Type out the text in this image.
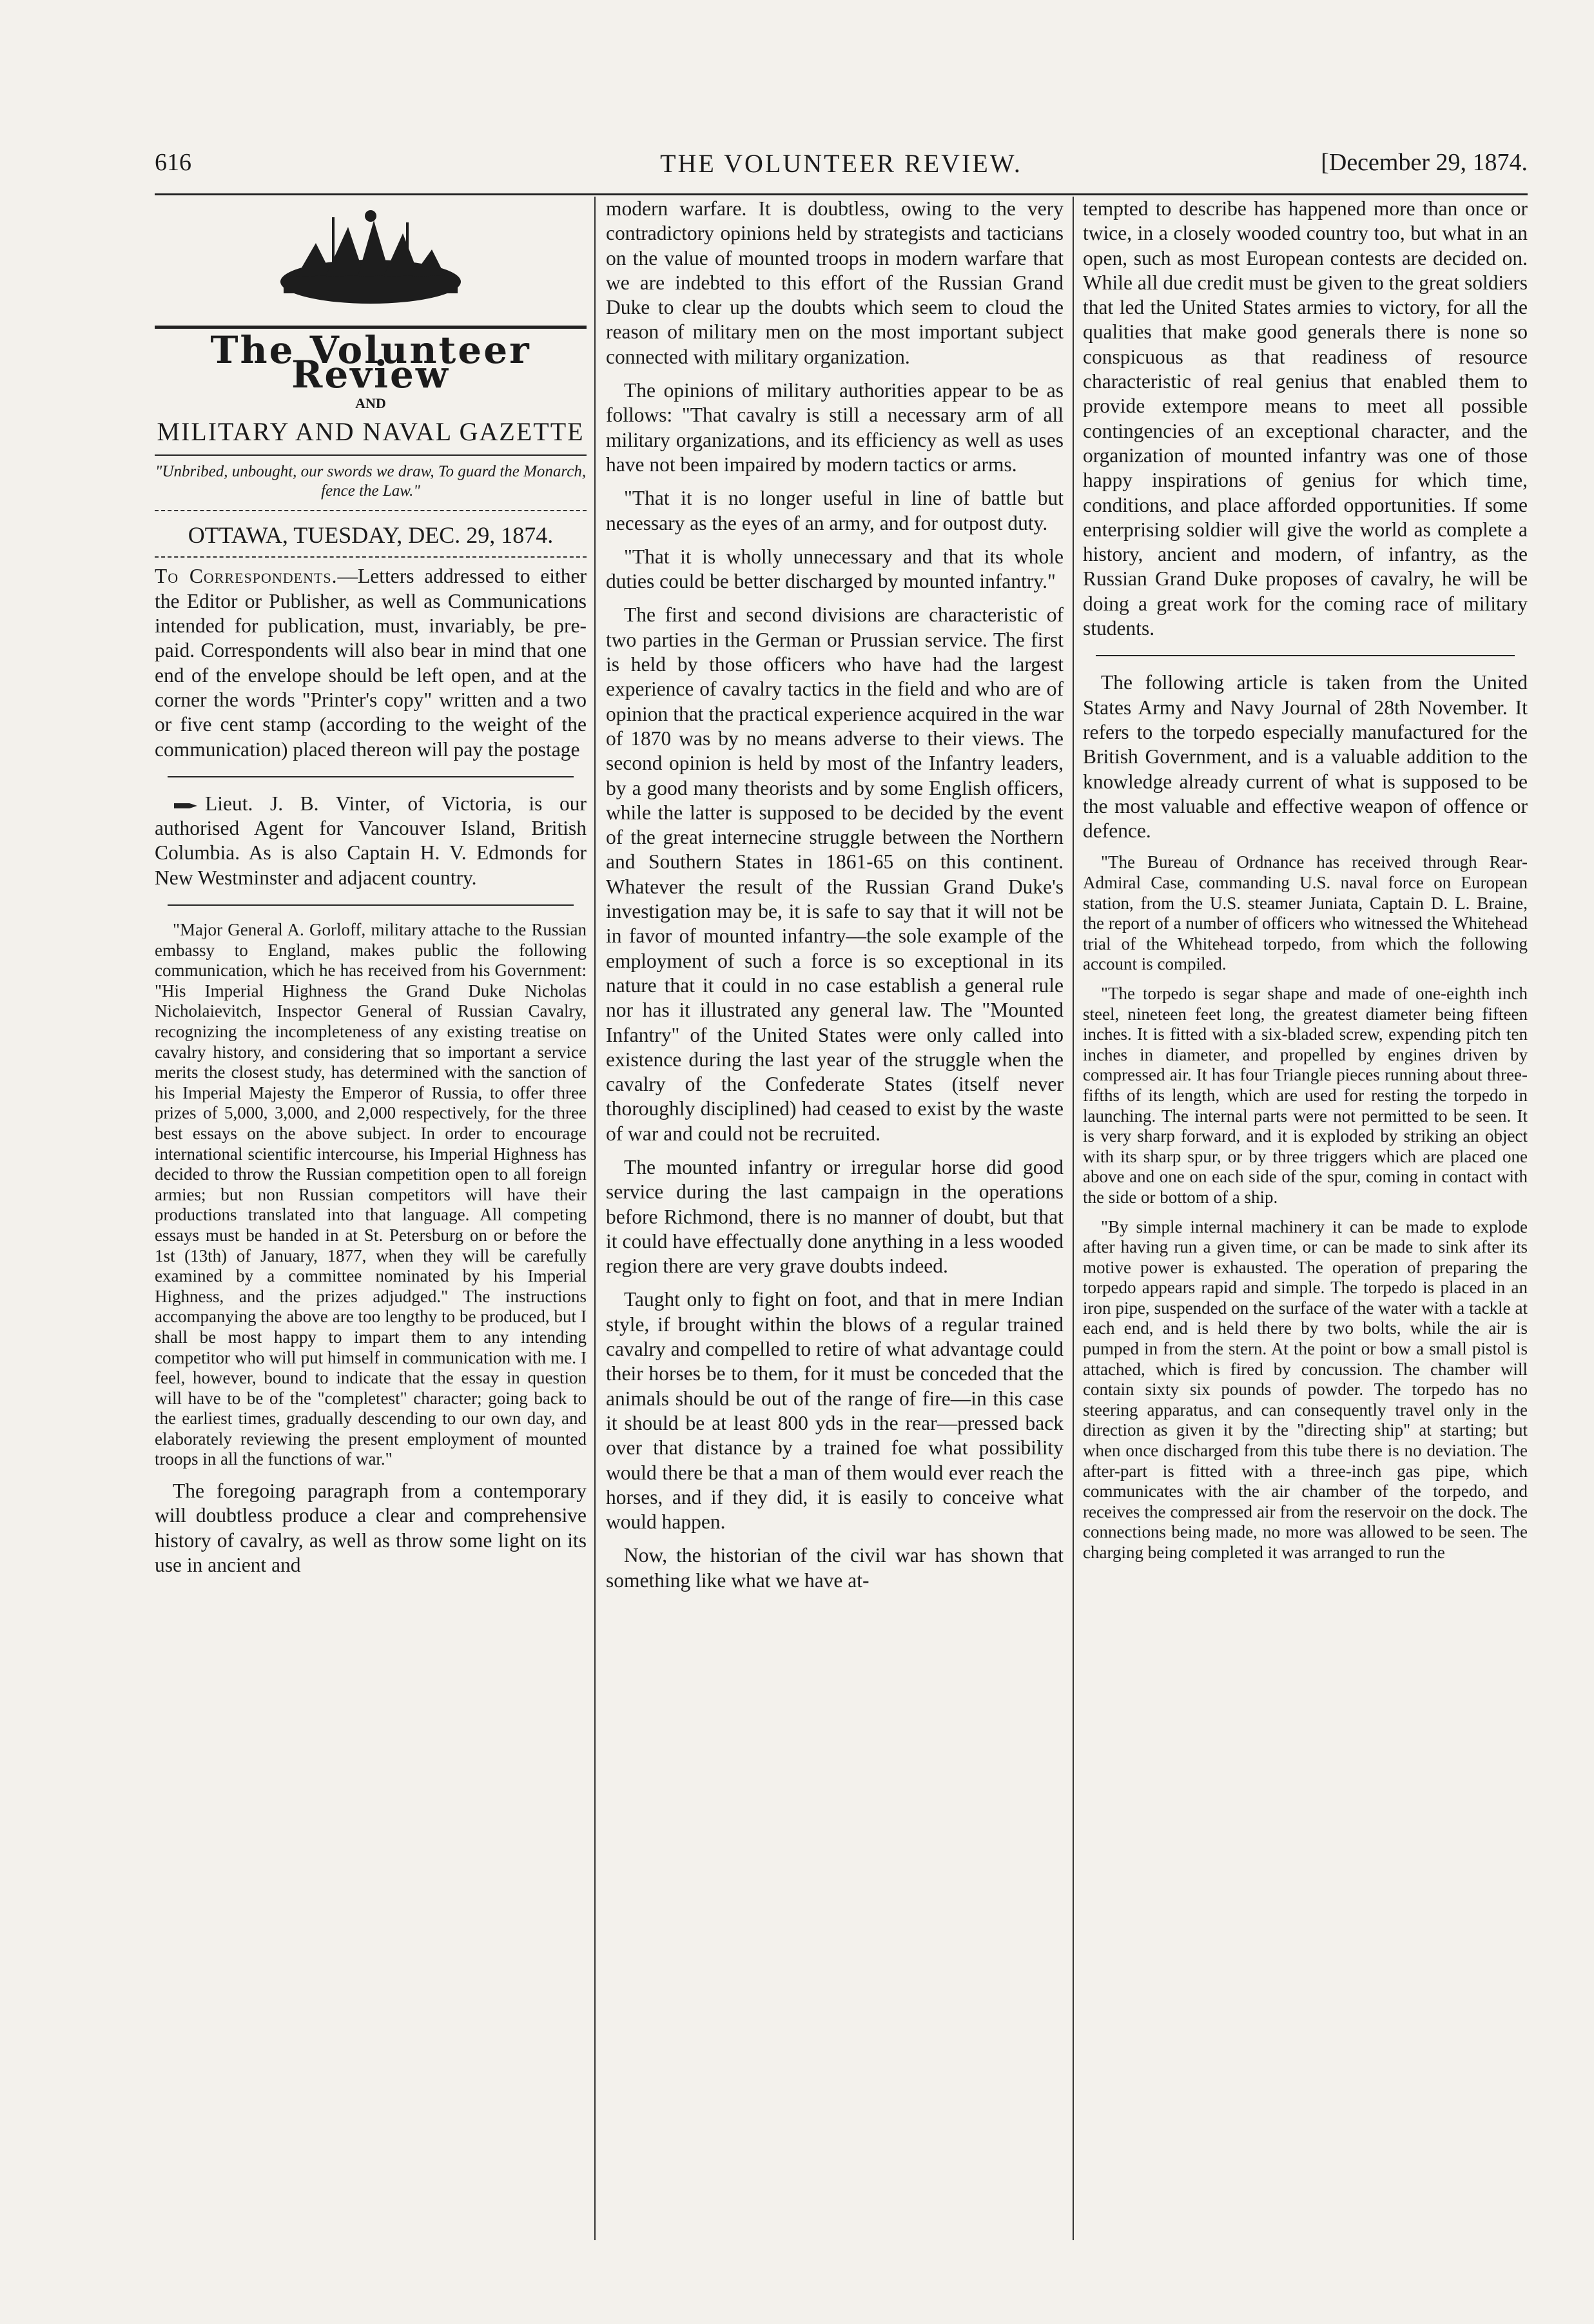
616	THE VOLUNTEER REVIEW.	[December 29, 1874.
The Volunteer Review
AND
MILITARY AND NAVAL GAZETTE
"Unbribed, unbought, our swords we draw, To guard the Monarch, fence the Law."
OTTAWA, TUESDAY, DEC. 29, 1874.

To Correspondents.—Letters addressed to either the Editor or Publisher, as well as Communications intended for publication, must, invariably, be pre-paid. Correspondents will also bear in mind that one end of the envelope should be left open, and at the corner the words "Printer's copy" written and a two or five cent stamp (according to the weight of the communication) placed thereon will pay the postage

Lieut. J. B. Vinter, of Victoria, is our authorised Agent for Vancouver Island, British Columbia. As is also Captain H. V. Edmonds for New Westminster and adjacent country.

"Major General A. Gorloff, military attache to the Russian embassy to England, makes public the following communication, which he has received from his Government: "His Imperial Highness the Grand Duke Nicholas Nicholaievitch, Inspector General of Russian Cavalry, recognizing the incompleteness of any existing treatise on cavalry history, and considering that so important a service merits the closest study, has determined with the sanction of his Imperial Majesty the Emperor of Russia, to offer three prizes of 5,000, 3,000, and 2,000 respectively, for the three best essays on the above subject. In order to encourage international scientific intercourse, his Imperial Highness has decided to throw the Russian competition open to all foreign armies; but non Russian competitors will have their productions translated into that language. All competing essays must be handed in at St. Petersburg on or before the 1st (13th) of January, 1877, when they will be carefully examined by a committee nominated by his Imperial Highness, and the prizes adjudged." The instructions accompanying the above are too lengthy to be produced, but I shall be most happy to impart them to any intending competitor who will put himself in communication with me. I feel, however, bound to indicate that the essay in question will have to be of the "completest" character; going back to the earliest times, gradually descending to our own day, and elaborately reviewing the present employment of mounted troops in all the functions of war."

The foregoing paragraph from a contemporary will doubtless produce a clear and comprehensive history of cavalry, as well as throw some light on its use in ancient and

modern warfare. It is doubtless, owing to the very contradictory opinions held by strategists and tacticians on the value of mounted troops in modern warfare that we are indebted to this effort of the Russian Grand Duke to clear up the doubts which seem to cloud the reason of military men on the most important subject connected with military organization.

The opinions of military authorities appear to be as follows: "That cavalry is still a necessary arm of all military organizations, and its efficiency as well as uses have not been impaired by modern tactics or arms.

"That it is no longer useful in line of battle but necessary as the eyes of an army, and for outpost duty.

"That it is wholly unnecessary and that its whole duties could be better discharged by mounted infantry."

The first and second divisions are characteristic of two parties in the German or Prussian service. The first is held by those officers who have had the largest experience of cavalry tactics in the field and who are of opinion that the practical experience acquired in the war of 1870 was by no means adverse to their views. The second opinion is held by most of the Infantry leaders, by a good many theorists and by some English officers, while the latter is supposed to be decided by the event of the great internecine struggle between the Northern and Southern States in 1861-65 on this continent. Whatever the result of the Russian Grand Duke's investigation may be, it is safe to say that it will not be in favor of mounted infantry—the sole example of the employment of such a force is so exceptional in its nature that it could in no case establish a general rule nor has it illustrated any general law. The "Mounted Infantry" of the United States were only called into existence during the last year of the struggle when the cavalry of the Confederate States (itself never thoroughly disciplined) had ceased to exist by the waste of war and could not be recruited.

The mounted infantry or irregular horse did good service during the last campaign in the operations before Richmond, there is no manner of doubt, but that it could have effectually done anything in a less wooded region there are very grave doubts indeed.

Taught only to fight on foot, and that in mere Indian style, if brought within the blows of a regular trained cavalry and compelled to retire of what advantage could their horses be to them, for it must be conceded that the animals should be out of the range of fire—in this case it should be at least 800 yds in the rear—pressed back over that distance by a trained foe what possibility would there be that a man of them would ever reach the horses, and if they did, it is easily to conceive what would happen.

Now, the historian of the civil war has shown that something like what we have at-

tempted to describe has happened more than once or twice, in a closely wooded country too, but what in an open, such as most European contests are decided on. While all due credit must be given to the great soldiers that led the United States armies to victory, for all the qualities that make good generals there is none so conspicuous as that readiness of resource characteristic of real genius that enabled them to provide extempore means to meet all possible contingencies of an exceptional character, and the organization of mounted infantry was one of those happy inspirations of genius for which time, conditions, and place afforded opportunities. If some enterprising soldier will give the world as complete a history, ancient and modern, of infantry, as the Russian Grand Duke proposes of cavalry, he will be doing a great work for the coming race of military students.

The following article is taken from the United States Army and Navy Journal of 28th November. It refers to the torpedo especially manufactured for the British Government, and is a valuable addition to the knowledge already current of what is supposed to be the most valuable and effective weapon of offence or defence.

"The Bureau of Ordnance has received through Rear-Admiral Case, commanding U.S. naval force on European station, from the U.S. steamer Juniata, Captain D. L. Braine, the report of a number of officers who witnessed the Whitehead trial of the Whitehead torpedo, from which the following account is compiled.

"The torpedo is segar shape and made of one-eighth inch steel, nineteen feet long, the greatest diameter being fifteen inches. It is fitted with a six-bladed screw, expending pitch ten inches in diameter, and propelled by engines driven by compressed air. It has four Triangle pieces running about three-fifths of its length, which are used for resting the torpedo in launching. The internal parts were not permitted to be seen. It is very sharp forward, and it is exploded by striking an object with its sharp spur, or by three triggers which are placed one above and one on each side of the spur, coming in contact with the side or bottom of a ship.

"By simple internal machinery it can be made to explode after having run a given time, or can be made to sink after its motive power is exhausted. The operation of preparing the torpedo appears rapid and simple. The torpedo is placed in an iron pipe, suspended on the surface of the water with a tackle at each end, and is held there by two bolts, while the air is pumped in from the stern. At the point or bow a small pistol is attached, which is fired by concussion. The chamber will contain sixty six pounds of powder. The torpedo has no steering apparatus, and can consequently travel only in the direction as given it by the "directing ship" at starting; but when once discharged from this tube there is no deviation. The after-part is fitted with a three-inch gas pipe, which communicates with the air chamber of the torpedo, and receives the compressed air from the reservoir on the dock. The connections being made, no more was allowed to be seen. The charging being completed it was arranged to run the
